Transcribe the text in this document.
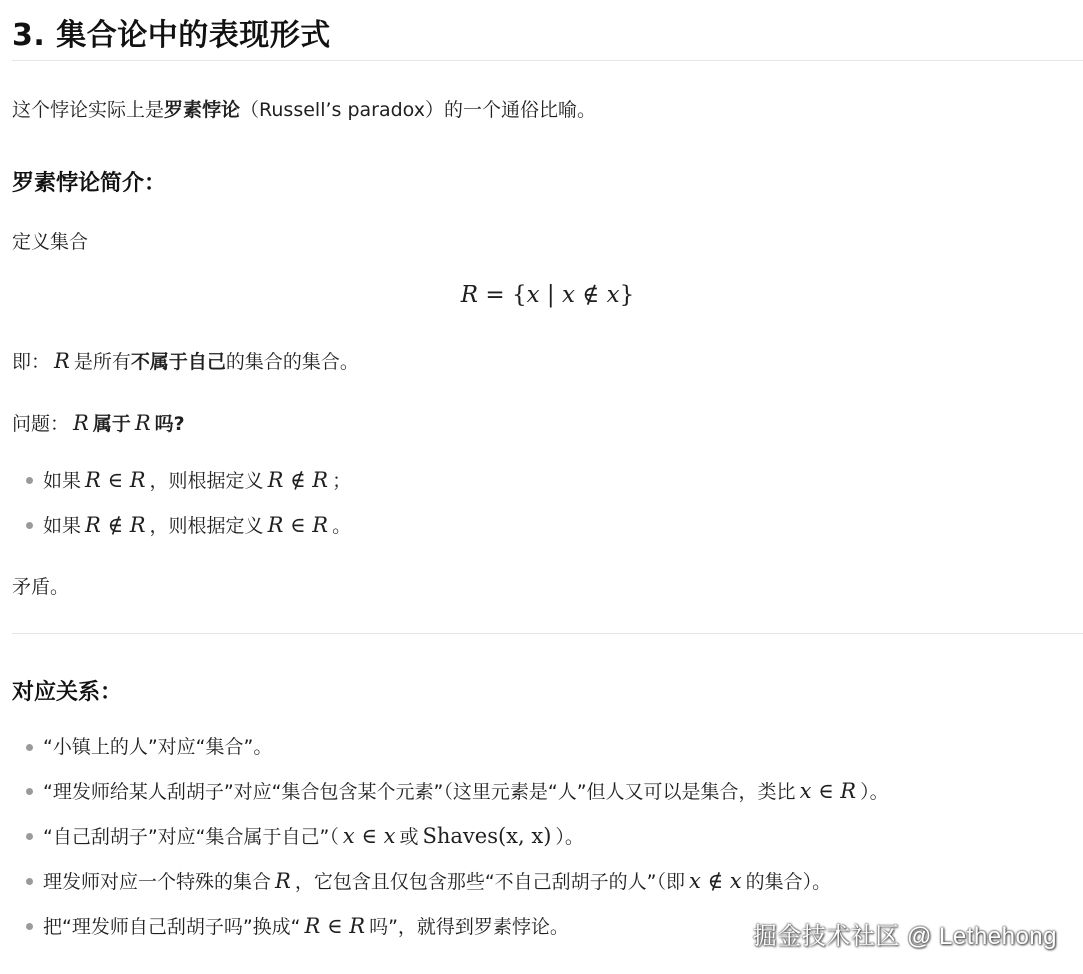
3. 集合论中的表现形式
这个悖论实际上是罗素悖论（Russell’s paradox）的一个通俗比喻。
罗素悖论简介：
定义集合
R = {x | x ∉ x}
即： R 是所有不属于自己的集合的集合。
问题： R 属于 R 吗?
如果 R ∈ R ，则根据定义 R ∉ R ；
如果 R ∉ R ，则根据定义 R ∈ R 。
矛盾。
对应关系：
“小镇上的人”对应“集合”。
“理发师给某人刮胡子”对应“集合包含某个元素”（这里元素是“人”但人又可以是集合，类比 x ∈ R ）。
“自己刮胡子”对应“集合属于自己”（ x ∈ x 或 Shaves(x, x) ）。
理发师对应一个特殊的集合 R ，它包含且仅包含那些“不自己刮胡子的人”（即 x ∉ x 的集合）。
把“理发师自己刮胡子吗”换成“ R ∈ R 吗”，就得到罗素悖论。	掘金技术社区 @ Lethehong
